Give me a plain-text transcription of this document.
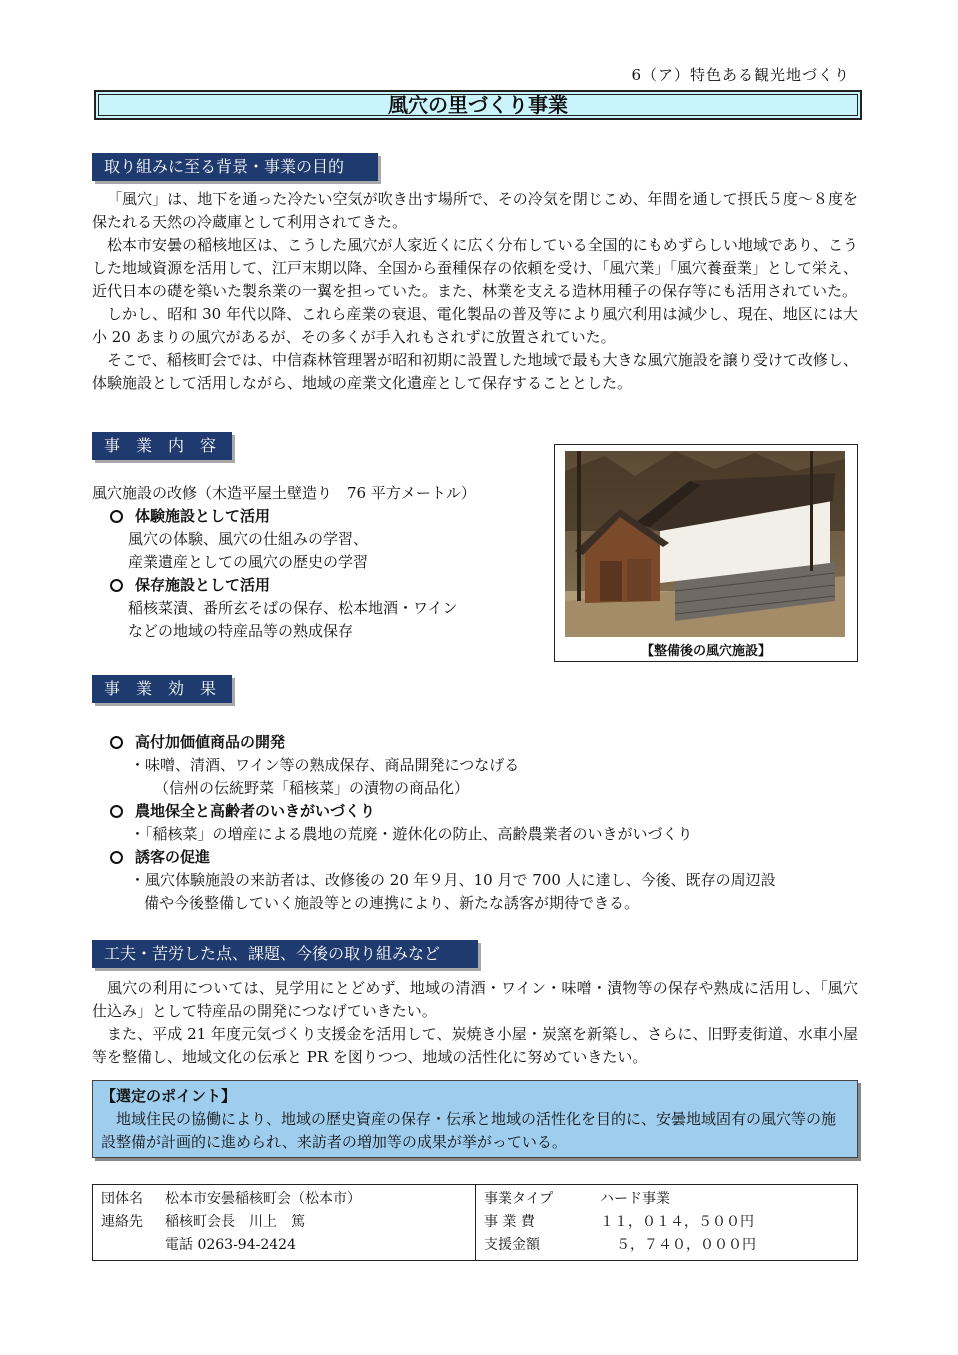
6（ア）特色ある観光地づくり
風穴の里づくり事業
取り組みに至る背景・事業の目的

「風穴」は、地下を通った冷たい空気が吹き出す場所で、その冷気を閉じこめ、年間を通して摂氏５度〜８度を保たれる天然の冷蔵庫として利用されてきた。

松本市安曇の稲核地区は、こうした風穴が人家近くに広く分布している全国的にもめずらしい地域であり、こうした地域資源を活用して、江戸末期以降、全国から蚕種保存の依頼を受け、「風穴業」「風穴養蚕業」として栄え、近代日本の礎を築いた製糸業の一翼を担っていた。また、林業を支える造林用種子の保存等にも活用されていた。

しかし、昭和 30 年代以降、これら産業の衰退、電化製品の普及等により風穴利用は減少し、現在、地区には大小 20 あまりの風穴があるが、その多くが手入れもされずに放置されていた。

そこで、稲核町会では、中信森林管理署が昭和初期に設置した地域で最も大きな風穴施設を譲り受けて改修し、体験施設として活用しながら、地域の産業文化遺産として保存することとした。

事　業　内　容
風穴施設の改修（木造平屋土壁造り　76 平方メートル）
体験施設として活用
風穴の体験、風穴の仕組みの学習、
産業遺産としての風穴の歴史の学習
保存施設として活用
稲核菜漬、番所玄そばの保存、松本地酒・ワイン
などの地域の特産品等の熟成保存
【整備後の風穴施設】
事　業　効　果
高付加価値商品の開発
・味噌、清酒、ワイン等の熟成保存、商品開発につなげる
（信州の伝統野菜「稲核菜」の漬物の商品化）
農地保全と高齢者のいきがいづくり
・「稲核菜」の増産による農地の荒廃・遊休化の防止、高齢農業者のいきがいづくり
誘客の促進
・風穴体験施設の来訪者は、改修後の 20 年９月、10 月で 700 人に達し、今後、既存の周辺設
備や今後整備していく施設等との連携により、新たな誘客が期待できる。
工夫・苦労した点、課題、今後の取り組みなど

風穴の利用については、見学用にとどめず、地域の清酒・ワイン・味噌・漬物等の保存や熟成に活用し、「風穴仕込み」として特産品の開発につなげていきたい。

また、平成 21 年度元気づくり支援金を活用して、炭焼き小屋・炭窯を新築し、さらに、旧野麦街道、水車小屋等を整備し、地域文化の伝承と PR を図りつつ、地域の活性化に努めていきたい。

【選定のポイント】
地域住民の協働により、地域の歴史資産の保存・伝承と地域の活性化を目的に、安曇地域固有の風穴等の施設整備が計画的に進められ、来訪者の増加等の成果が挙がっている。
団体名	松本市安曇稲核町会（松本市）
連絡先	稲核町会長　川上　篤
電話 0263-94-2424

事業タイプ	ハード事業
事 業 費	１１，０１４，５００円
支援金額	５，７４０，０００円
